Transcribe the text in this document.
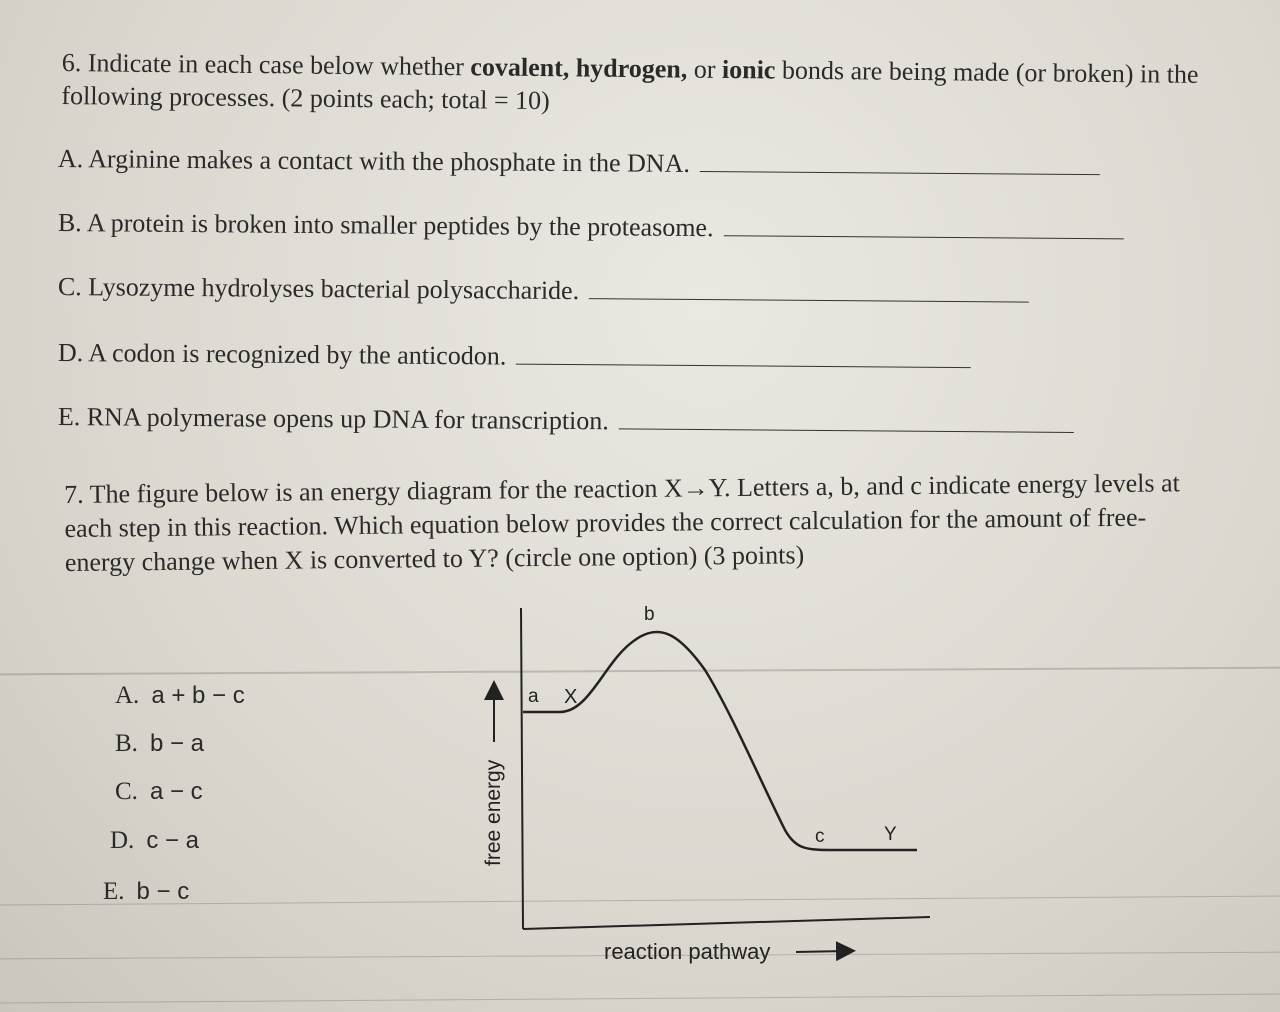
6. Indicate in each case below whether covalent, hydrogen, or ionic bonds are being made (or broken) in the following processes. (2 points each; total = 10)
A. Arginine makes a contact with the phosphate in the DNA.
B. A protein is broken into smaller peptides by the proteasome.
C. Lysozyme hydrolyses bacterial polysaccharide.
D. A codon is recognized by the anticodon.
E. RNA polymerase opens up DNA for transcription.
7. The figure below is an energy diagram for the reaction X→Y. Letters a, b, and c indicate energy levels at each step in this reaction. Which equation below provides the correct calculation for the amount of free-energy change when X is converted to Y? (circle one option) (3 points)
A. a + b − c
B. b − a
C. a − c
D. c − a
E. b − c
free energy
reaction pathway
a X
b
c	Y
